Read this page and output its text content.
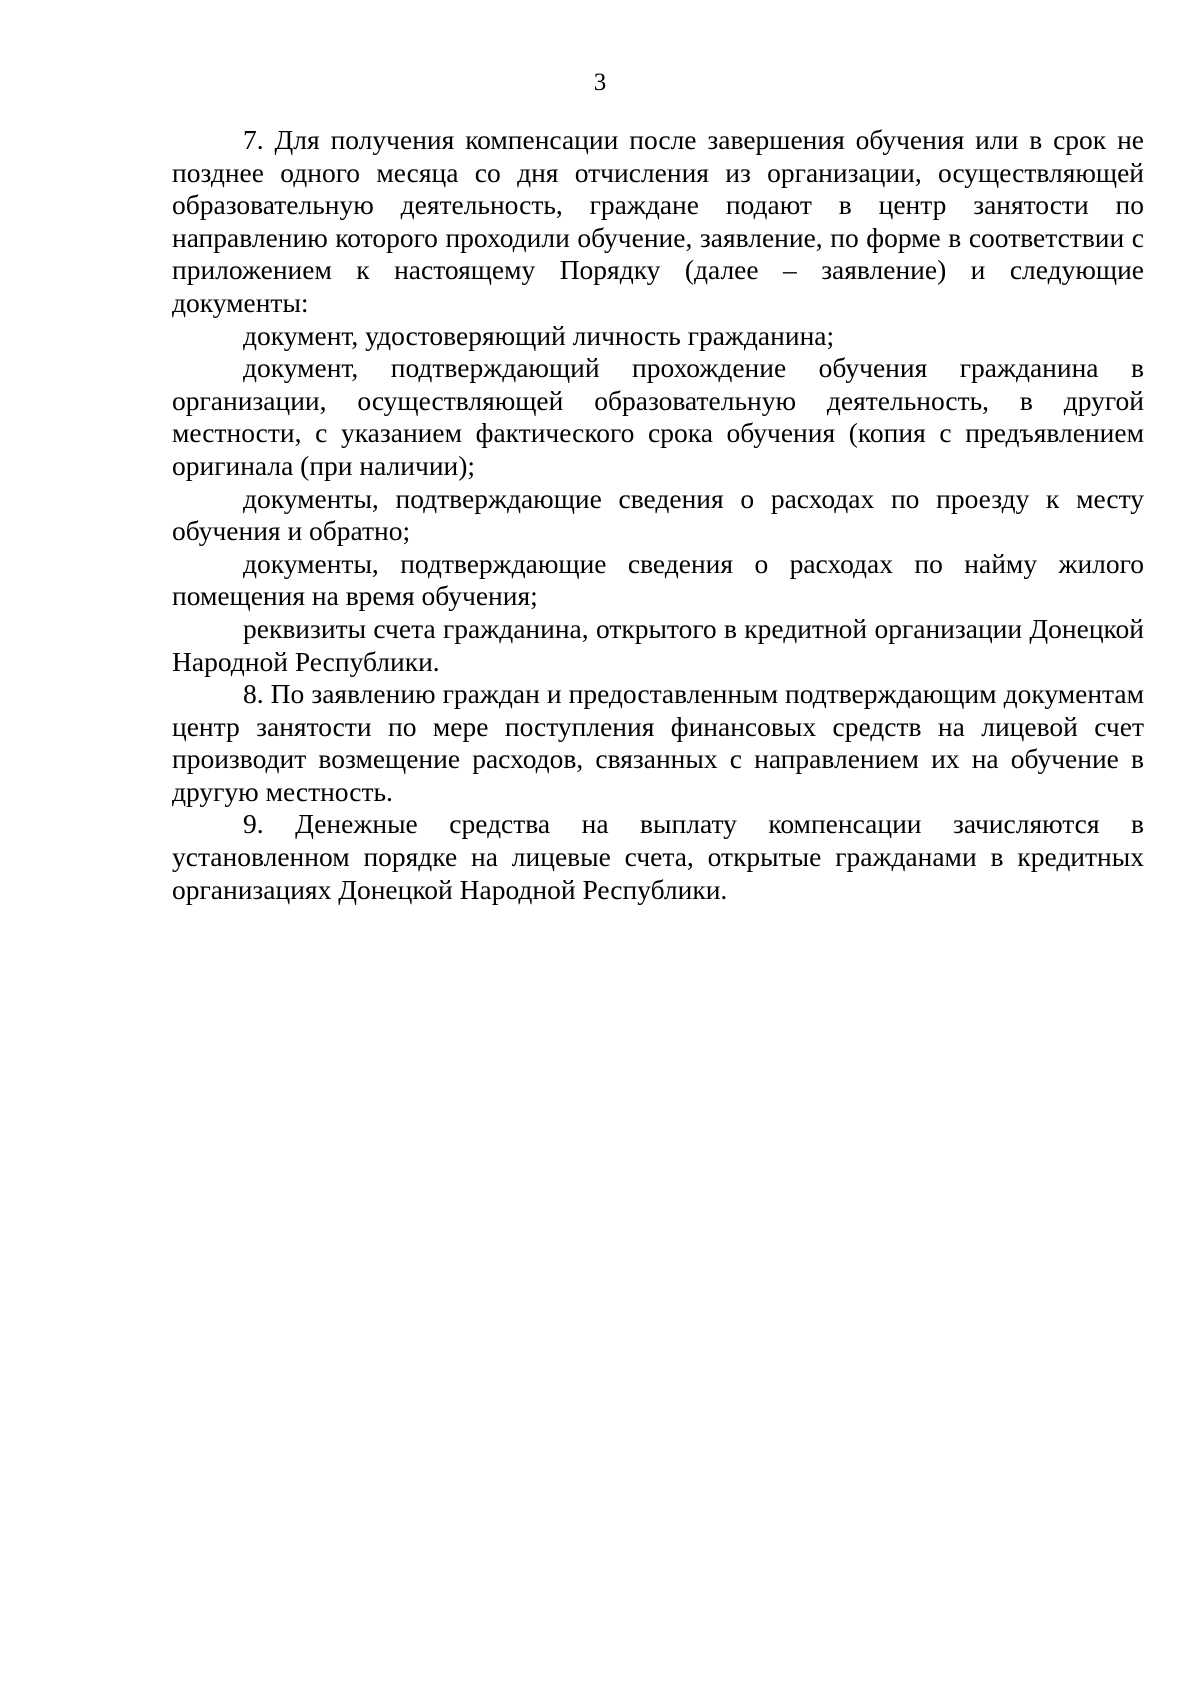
3

7. Для получения компенсации после завершения обучения или в срок не позднее одного месяца со дня отчисления из организации, осуществляющей образовательную деятельность, граждане подают в центр занятости по направлению которого проходили обучение, заявление, по форме в соответствии с приложением к настоящему Порядку (далее – заявление) и следующие документы:

документ, удостоверяющий личность гражданина;

документ, подтверждающий прохождение обучения гражданина в организации, осуществляющей образовательную деятельность, в другой местности, с указанием фактического срока обучения (копия с предъявлением оригинала (при наличии);

документы, подтверждающие сведения о расходах по проезду к месту обучения и обратно;

документы, подтверждающие сведения о расходах по найму жилого помещения на время обучения;

реквизиты счета гражданина, открытого в кредитной организации Донецкой Народной Республики.

8. По заявлению граждан и предоставленным подтверждающим документам центр занятости по мере поступления финансовых средств на лицевой счет производит возмещение расходов, связанных с направлением их на обучение в другую местность.

9. Денежные средства на выплату компенсации зачисляются в установленном порядке на лицевые счета, открытые гражданами в кредитных организациях Донецкой Народной Республики.
